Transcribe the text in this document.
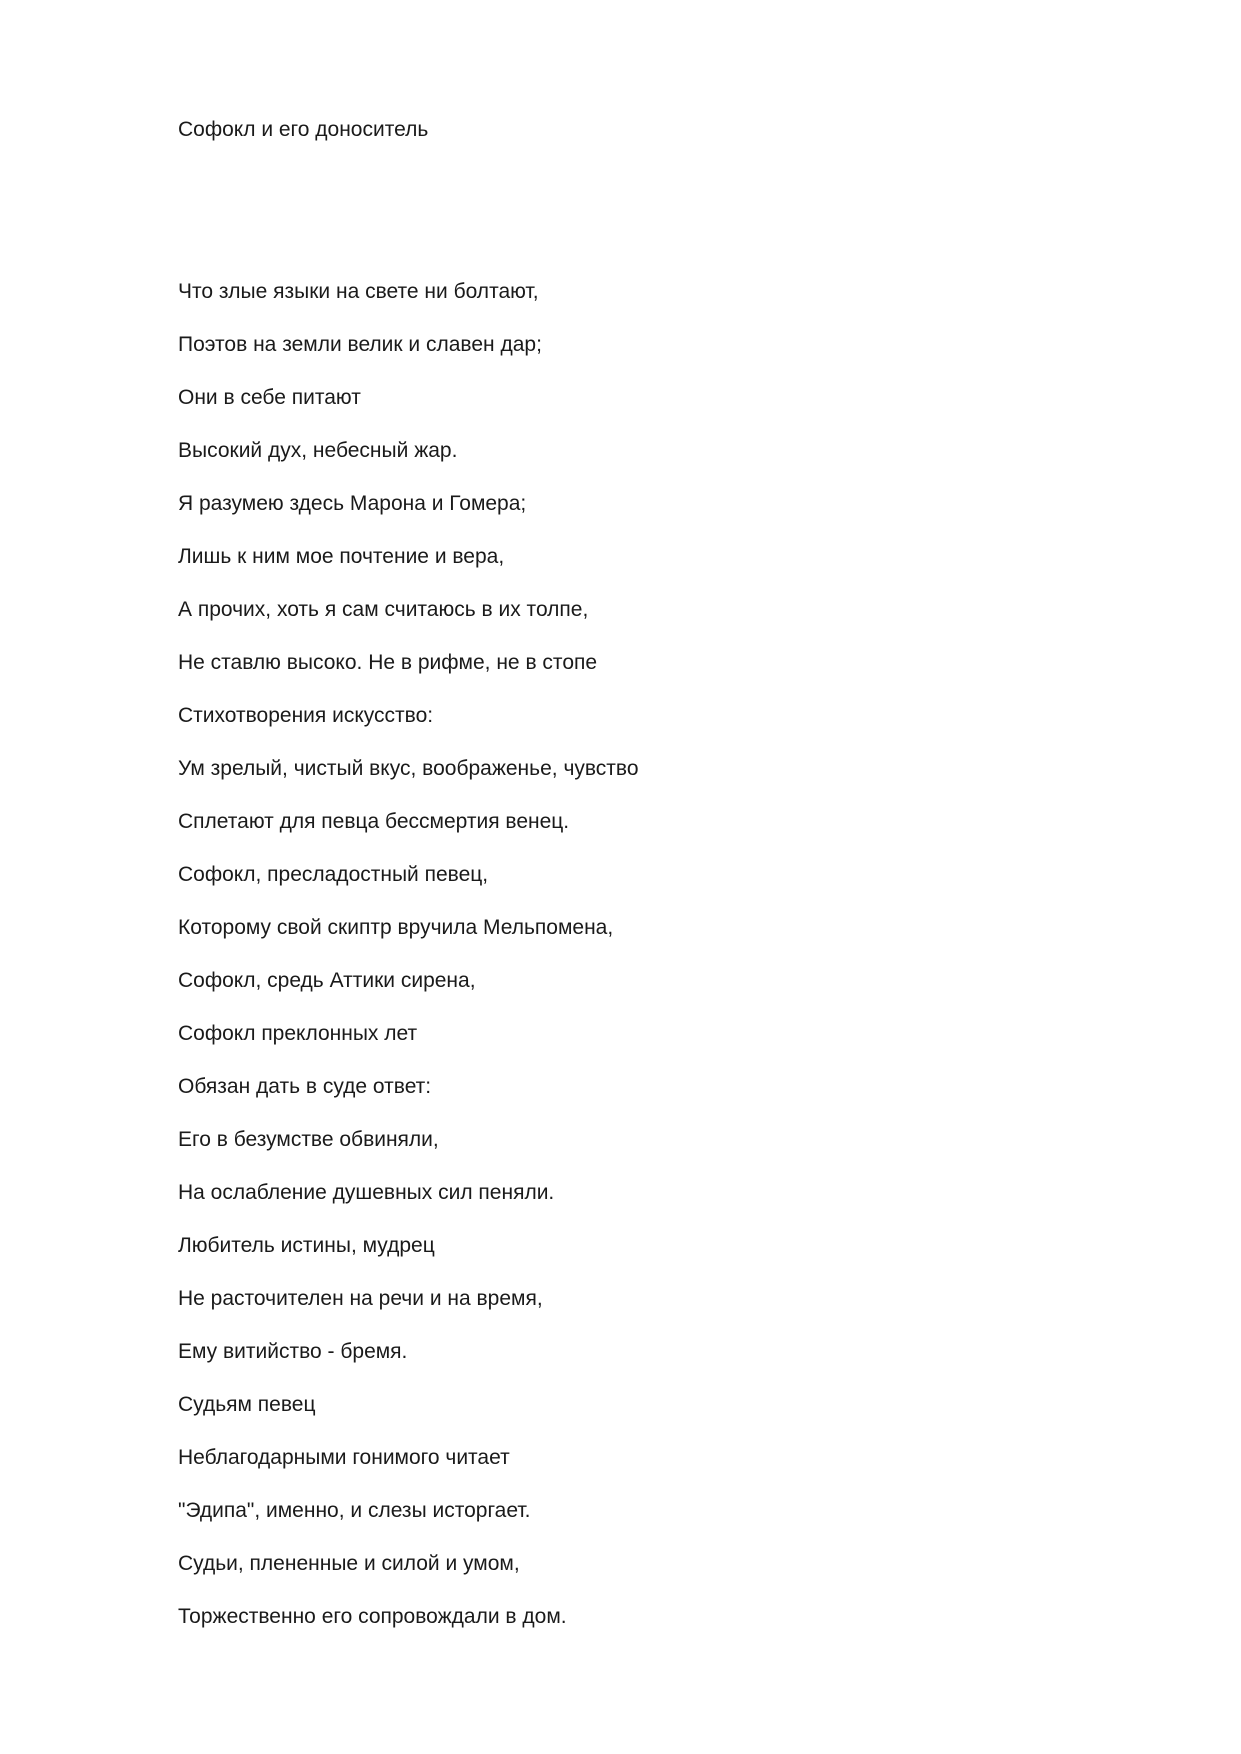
Софокл и его доноситель
Что злые языки на свете ни болтают,
Поэтов на земли велик и славен дар;
Они в себе питают
Высокий дух, небесный жар.
Я разумею здесь Марона и Гомера;
Лишь к ним мое почтение и вера,
А прочих, хоть я сам считаюсь в их толпе,
Не ставлю высоко. Не в рифме, не в стопе
Стихотворения искусство:
Ум зрелый, чистый вкус, воображенье, чувство
Сплетают для певца бессмертия венец.
Софокл, пресладостный певец,
Которому свой скиптр вручила Мельпомена,
Софокл, средь Аттики сирена,
Софокл преклонных лет
Обязан дать в суде ответ:
Его в безумстве обвиняли,
На ослабление душевных сил пеняли.
Любитель истины, мудрец
Не расточителен на речи и на время,
Ему витийство - бремя.
Судьям певец
Неблагодарными гонимого читает
"Эдипа", именно, и слезы исторгает.
Судьи, плененные и силой и умом,
Торжественно его сопровождали в дом.
